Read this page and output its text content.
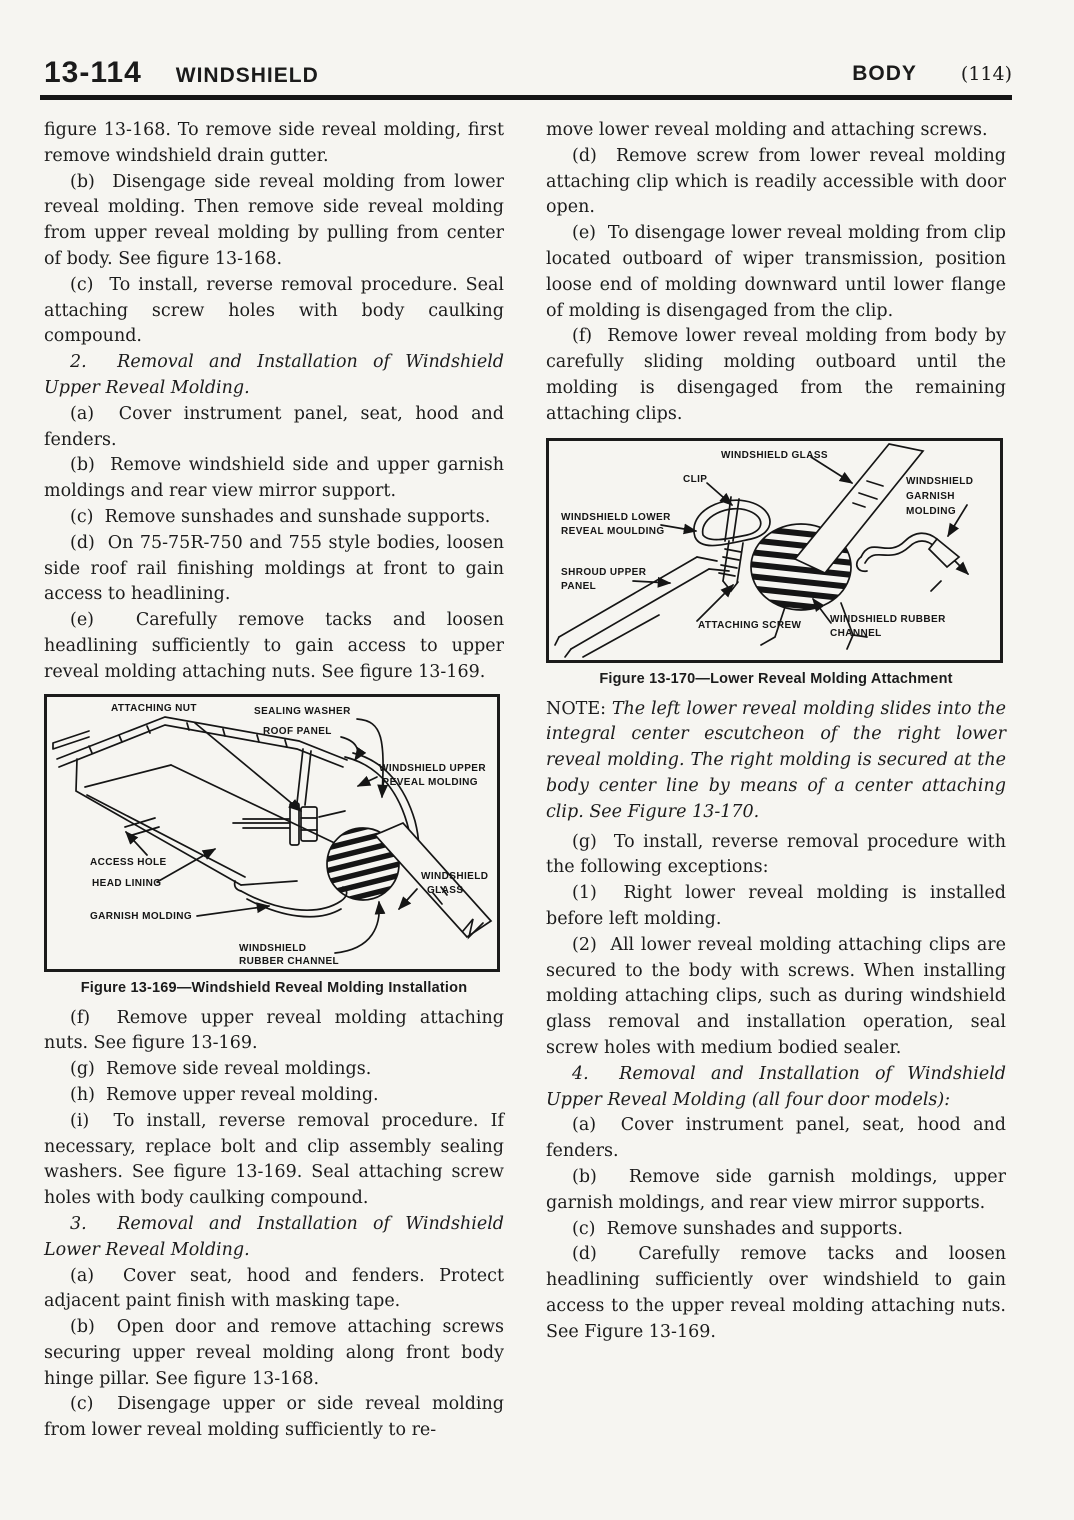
13-114 WINDSHIELD	BODY (114)

figure 13-168. To remove side reveal molding, first remove windshield drain gutter.

(b)  Disengage side reveal molding from lower reveal molding. Then remove side reveal molding from upper reveal molding by pulling from center of body. See figure 13-168.

(c)  To install, reverse removal procedure. Seal attaching screw holes with body caulking compound.

2.  Removal and Installation of Windshield Upper Reveal Molding.

(a)  Cover instrument panel, seat, hood and fenders.

(b)  Remove windshield side and upper garnish moldings and rear view mirror support.

(c)  Remove sunshades and sunshade supports.

(d)  On 75-75R-750 and 755 style bodies, loosen side roof rail finishing moldings at front to gain access to headlining.

(e)  Carefully remove tacks and loosen headlining sufficiently to gain access to upper reveal molding attaching nuts. See figure 13-169.

ATTACHING NUT	SEALING WASHER
ROOF PANEL
WINDSHIELD UPPER
REVEAL MOLDING
ACCESS HOLE
HEAD LINING
GARNISH MOLDING
WINDSHIELD
GLASS
WINDSHIELD
RUBBER CHANNEL
Figure 13-169—Windshield Reveal Molding Installation

(f)  Remove upper reveal molding attaching nuts. See figure 13-169.

(g)  Remove side reveal moldings.

(h)  Remove upper reveal molding.

(i)  To install, reverse removal procedure. If necessary, replace bolt and clip assembly sealing washers. See figure 13-169. Seal attaching screw holes with body caulking compound.

3.  Removal and Installation of Windshield Lower Reveal Molding.

(a)  Cover seat, hood and fenders. Protect adjacent paint finish with masking tape.

(b)  Open door and remove attaching screws securing upper reveal molding along front body hinge pillar. See figure 13-168.

(c)  Disengage upper or side reveal molding from lower reveal molding sufficiently to re-

move lower reveal molding and attaching screws.

(d)  Remove screw from lower reveal molding attaching clip which is readily accessible with door open.

(e)  To disengage lower reveal molding from clip located outboard of wiper transmission, position loose end of molding downward until lower flange of molding is disengaged from the clip.

(f)  Remove lower reveal molding from body by carefully sliding molding outboard until the molding is disengaged from the remaining attaching clips.

WINDSHIELD GLASS
CLIP	WINDSHIELD
GARNISH
MOLDING
WINDSHIELD LOWER
REVEAL MOULDING
SHROUD UPPER
PANEL
ATTACHING SCREW
WINDSHIELD RUBBER
CHANNEL
Figure 13-170—Lower Reveal Molding Attachment

NOTE: The left lower reveal molding slides into the integral center escutcheon of the right lower reveal molding. The right molding is secured at the body center line by means of a center attaching clip. See Figure 13-170.

(g)  To install, reverse removal procedure with the following exceptions:

(1)  Right lower reveal molding is installed before left molding.

(2)  All lower reveal molding attaching clips are secured to the body with screws. When installing molding attaching clips, such as during windshield glass removal and installation operation, seal screw holes with medium bodied sealer.

4.  Removal and Installation of Windshield Upper Reveal Molding (all four door models):

(a)  Cover instrument panel, seat, hood and fenders.

(b)  Remove side garnish moldings, upper garnish moldings, and rear view mirror supports.

(c)  Remove sunshades and supports.

(d)  Carefully remove tacks and loosen headlining sufficiently over windshield to gain access to the upper reveal molding attaching nuts. See Figure 13-169.
